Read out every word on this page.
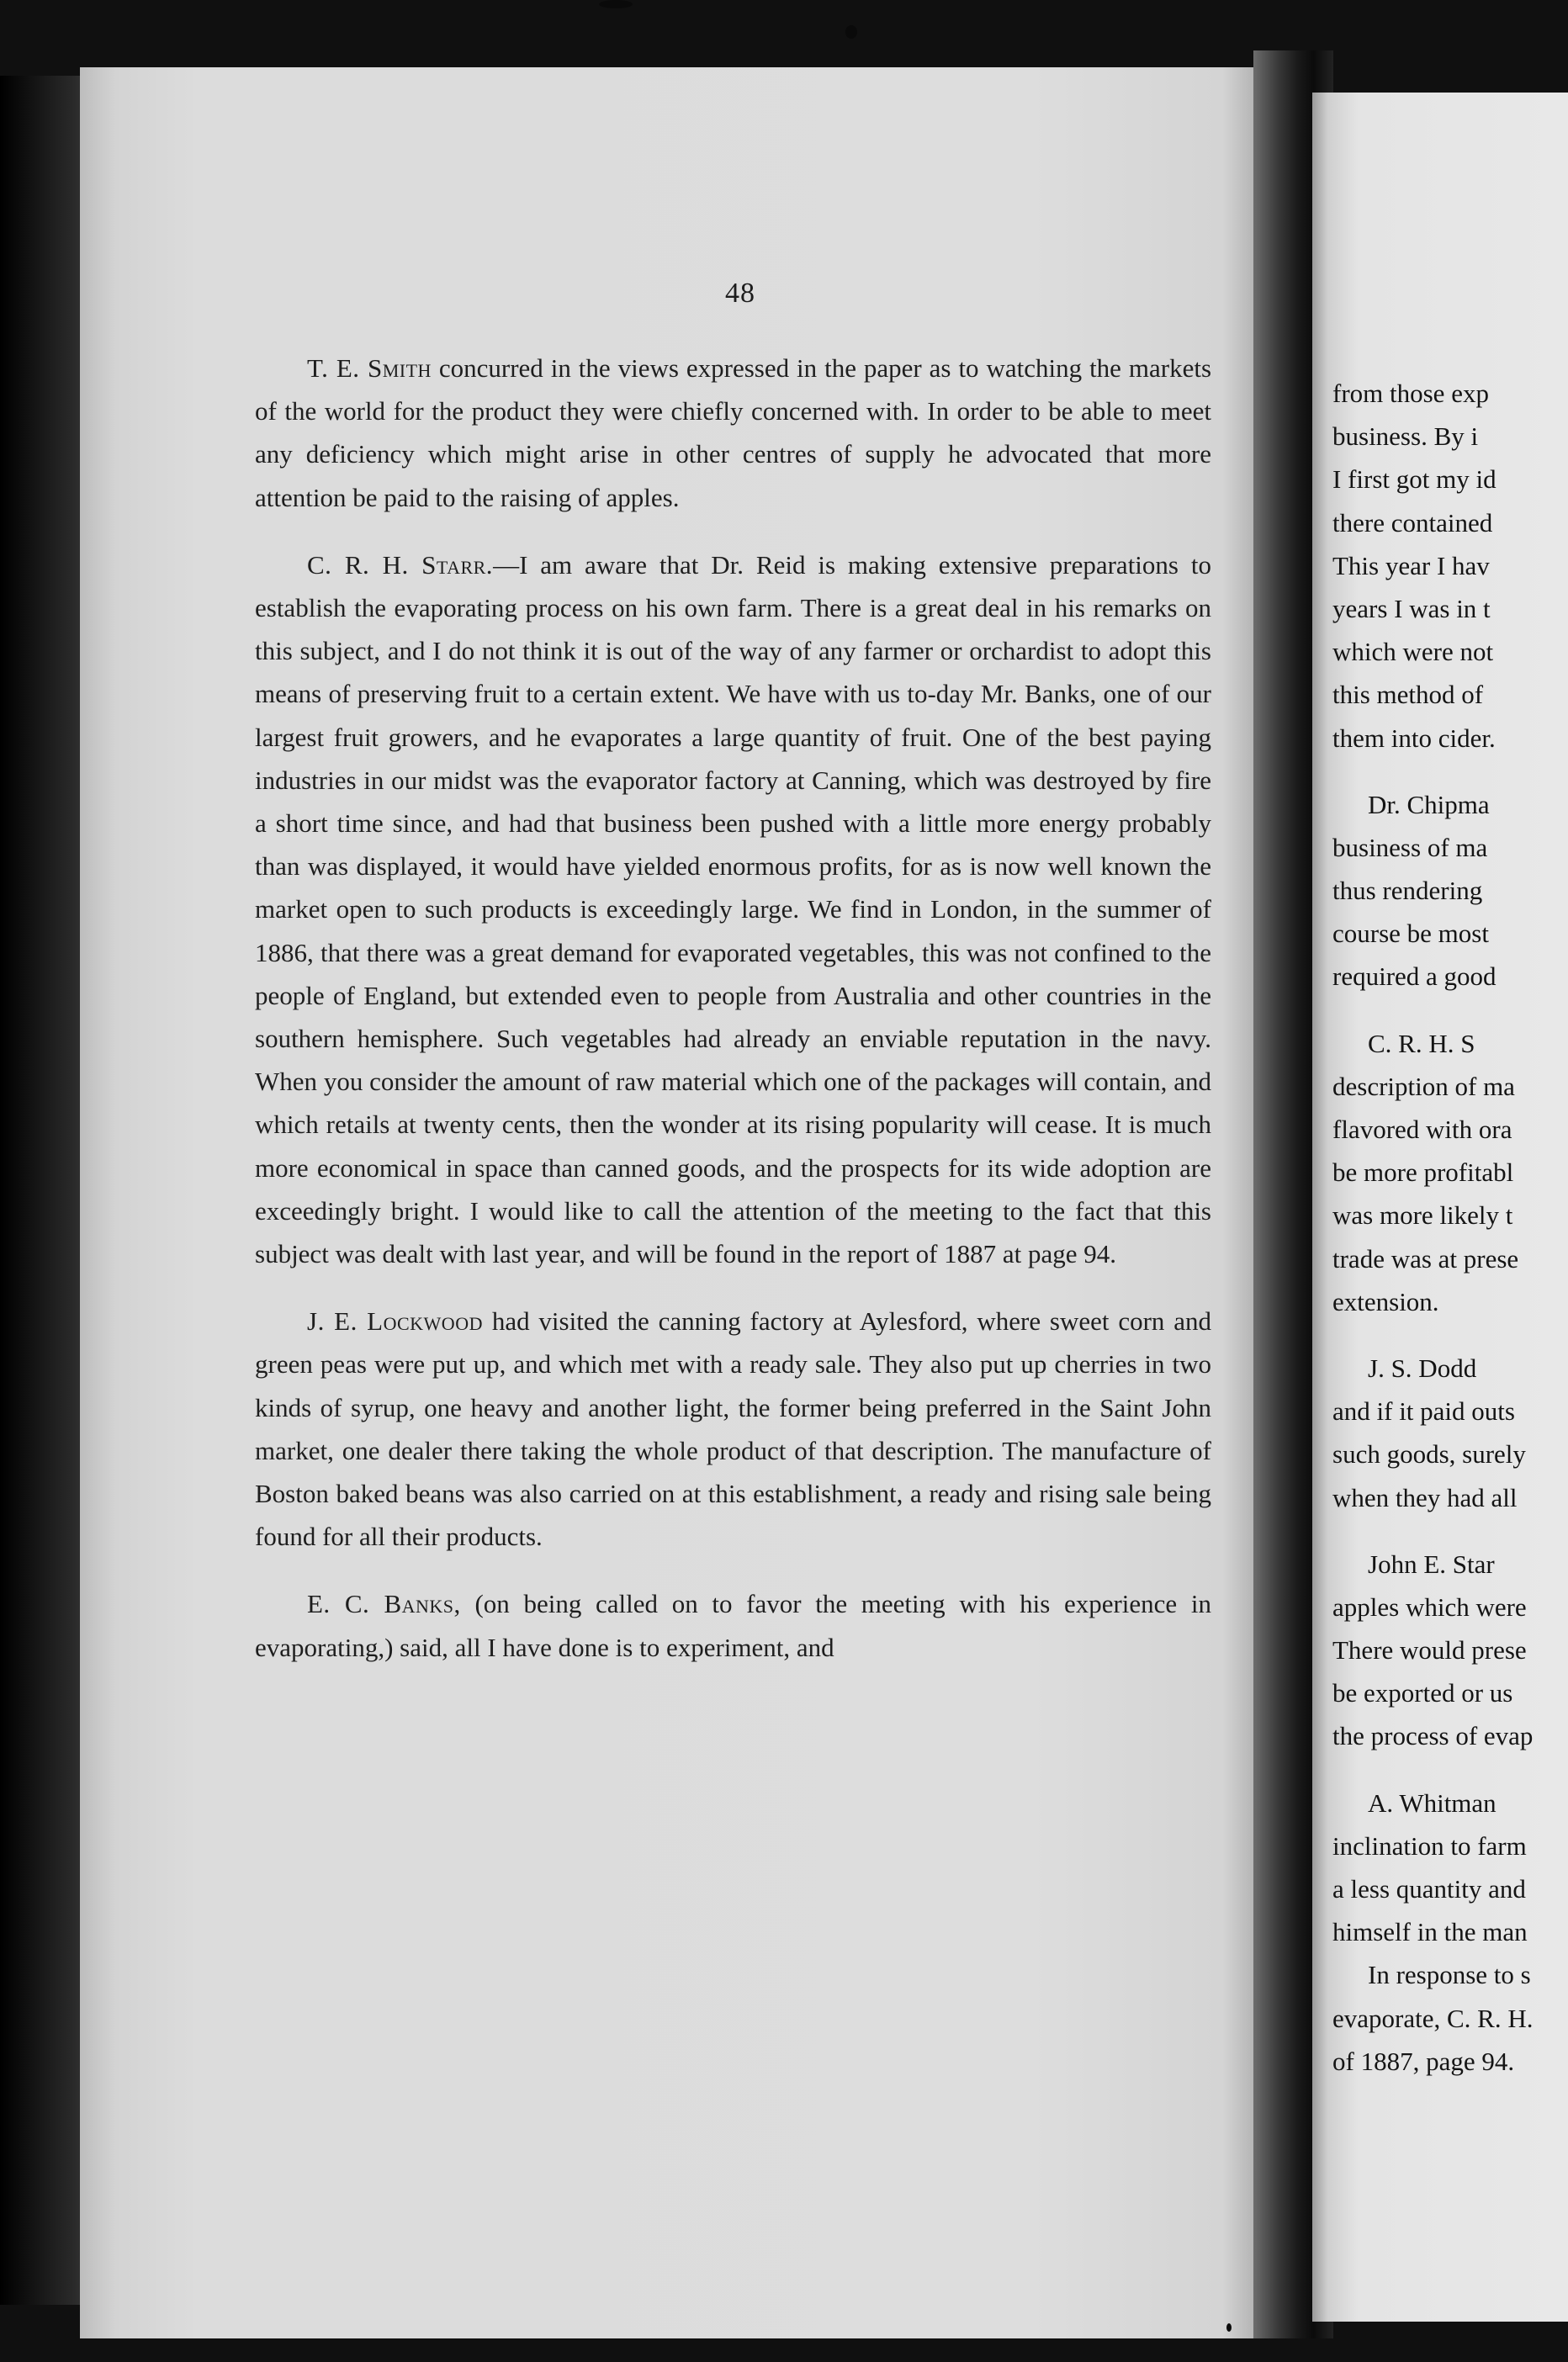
from those exp
business. By i
I first got my id
there contained
This year I hav
years I was in t
which were not
this method of
them into cider.
Dr. Chipma
business of ma
thus rendering
course be most
required a good
C. R. H. S
description of ma
flavored with ora
be more profitabl
was more likely t
trade was at prese
extension.
J. S. Dodd
and if it paid outs
such goods, surely
when they had all
John E. Star
apples which were
There would prese
be exported or us
the process of evap
A. Whitman
inclination to farm
a less quantity and
himself in the man
In response to s
evaporate, C. R. H.
of 1887, page 94.
48

T. E. Smith concurred in the views expressed in the paper as to watching the markets of the world for the product they were chiefly concerned with. In order to be able to meet any deficiency which might arise in other centres of supply he advocated that more attention be paid to the raising of apples.

C. R. H. Starr.—I am aware that Dr. Reid is making extensive preparations to establish the evaporating process on his own farm. There is a great deal in his remarks on this subject, and I do not think it is out of the way of any farmer or orchardist to adopt this means of preserving fruit to a certain extent. We have with us to-day Mr. Banks, one of our largest fruit growers, and he evaporates a large quantity of fruit. One of the best paying industries in our midst was the evaporator factory at Canning, which was destroyed by fire a short time since, and had that business been pushed with a little more energy probably than was displayed, it would have yielded enormous profits, for as is now well known the market open to such products is exceedingly large. We find in London, in the summer of 1886, that there was a great demand for evaporated vegetables, this was not confined to the people of England, but extended even to people from Australia and other countries in the southern hemisphere. Such vegetables had already an enviable reputation in the navy. When you consider the amount of raw material which one of the packages will contain, and which retails at twenty cents, then the wonder at its rising popularity will cease. It is much more economical in space than canned goods, and the prospects for its wide adoption are exceedingly bright. I would like to call the attention of the meeting to the fact that this subject was dealt with last year, and will be found in the report of 1887 at page 94.

J. E. Lockwood had visited the canning factory at Aylesford, where sweet corn and green peas were put up, and which met with a ready sale. They also put up cherries in two kinds of syrup, one heavy and another light, the former being preferred in the Saint John market, one dealer there taking the whole product of that description. The manufacture of Boston baked beans was also carried on at this establishment, a ready and rising sale being found for all their products.

E. C. Banks, (on being called on to favor the meeting with his experience in evaporating,) said, all I have done is to experiment, and
